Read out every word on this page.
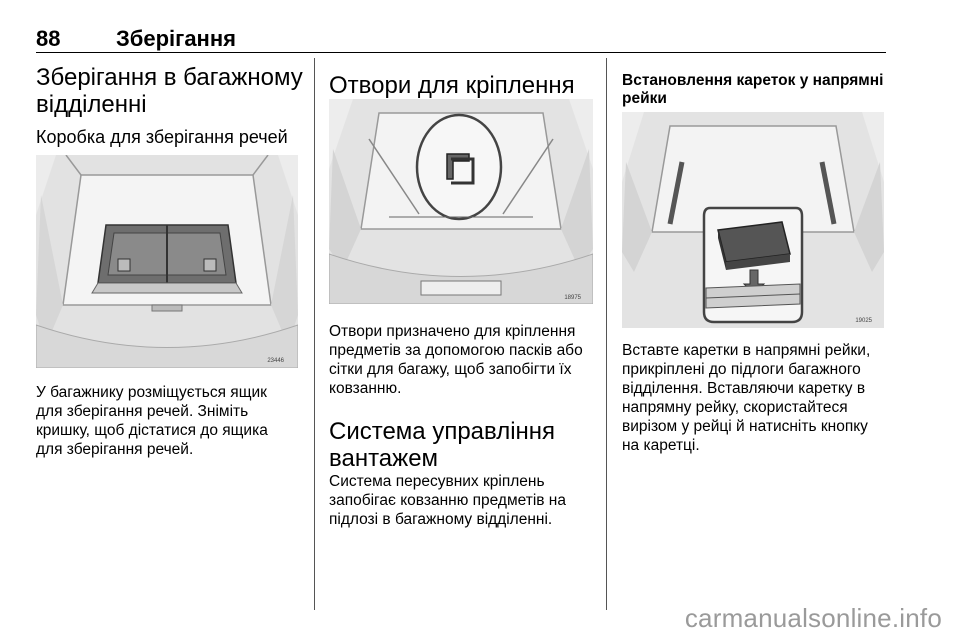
88	Зберігання
Зберігання в багажному відділенні
Коробка для зберігання речей
23446

У багажнику розміщується ящик для зберігання речей. Зніміть кришку, щоб дістатися до ящика для зберігання речей.

Отвори для кріплення
18975

Отвори призначено для кріплення предметів за допомогою пасків або сітки для багажу, щоб запобігти їх ковзанню.

Система управління вантажем

Система пересувних кріплень запобігає ковзанню предметів на підлозі в багажному відділенні.

Встановлення кареток у напрямні рейки
19025

Вставте каретки в напрямні рейки, прикріплені до підлоги багажного відділення. Вставляючи каретку в напрямну рейку, скористайтеся вирізом у рейці й натисніть кнопку на каретці.

carmanualsonline.info
